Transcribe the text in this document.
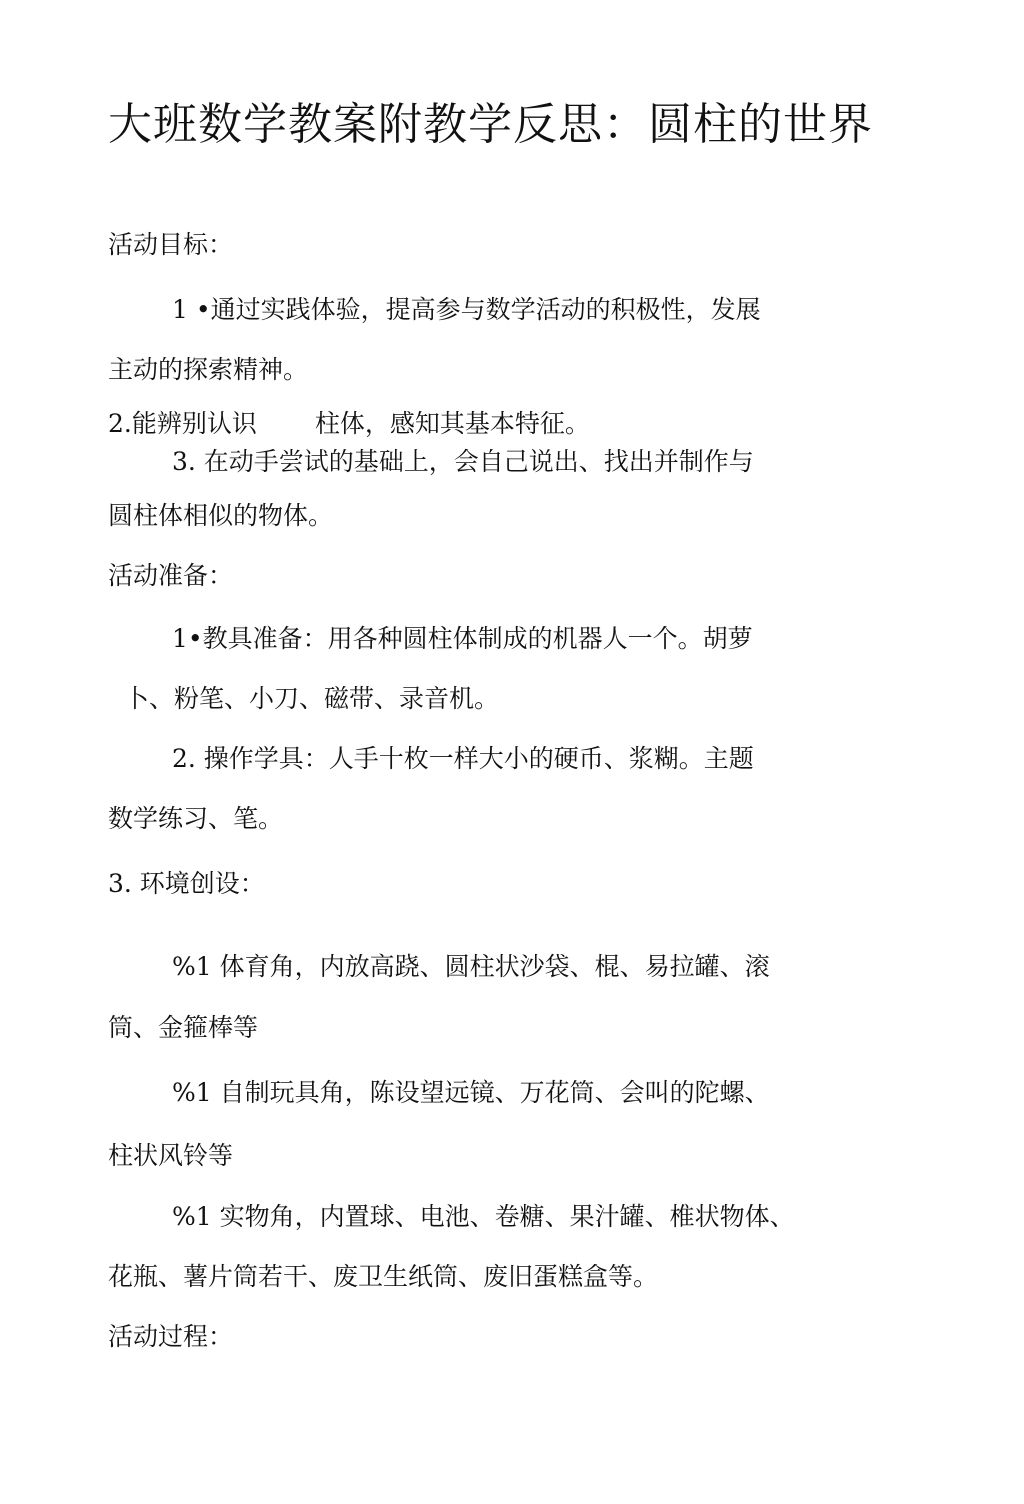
大班数学教案附教学反思：圆柱的世界
活动目标：
1 •通过实践体验，提高参与数学活动的积极性，发展
主动的探索精神。
2.能辨别认识 柱体，感知其基本特征。
3. 在动手尝试的基础上，会自己说出、找出并制作与
圆柱体相似的物体。
活动准备：
1•教具准备：用各种圆柱体制成的机器人一个。胡萝
卜、粉笔、小刀、磁带、录音机。
2. 操作学具：人手十枚一样大小的硬币、浆糊。主题
数学练习、笔。
3. 环境创设：
%1 体育角，内放高跷、圆柱状沙袋、棍、易拉罐、滚
筒、金箍棒等
%1 自制玩具角，陈设望远镜、万花筒、会叫的陀螺、
柱状风铃等
%1 实物角，内置球、电池、卷糖、果汁罐、椎状物体、
花瓶、薯片筒若干、废卫生纸筒、废旧蛋糕盒等。
活动过程：
